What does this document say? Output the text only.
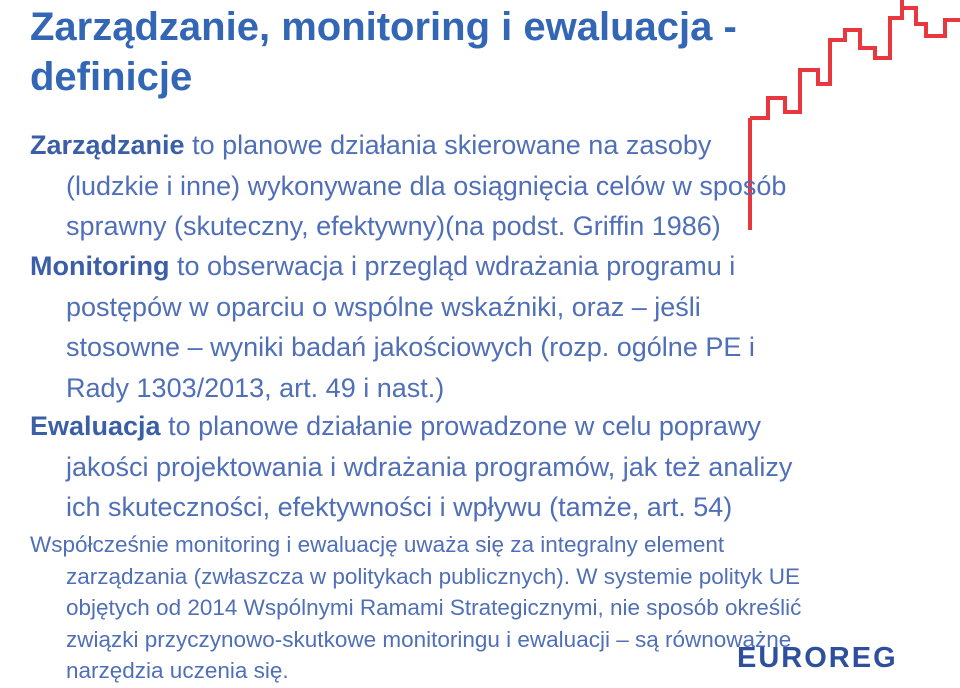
Zarządzanie, monitoring i ewaluacja -
definicje

Zarządzanie to planowe działania skierowane na zasoby
(ludzkie i inne) wykonywane dla osiągnięcia celów w sposób
sprawny (skuteczny, efektywny)(na podst. Griffin 1986)

Monitoring to obserwacja i przegląd wdrażania programu i
postępów w oparciu o wspólne wskaźniki, oraz – jeśli
stosowne – wyniki badań jakościowych (rozp. ogólne PE i
Rady 1303/2013, art. 49 i nast.)

Ewaluacja to planowe działanie prowadzone w celu poprawy
jakości projektowania i wdrażania programów, jak też analizy
ich skuteczności, efektywności i wpływu (tamże, art. 54)

Współcześnie monitoring i ewaluację uważa się za integralny element
zarządzania (zwłaszcza w politykach publicznych). W systemie polityk UE
objętych od 2014 Wspólnymi Ramami Strategicznymi, nie sposób określić
związki przyczynowo-skutkowe monitoringu i ewaluacji – są równoważne
narzędzia uczenia się.	EUROREG
